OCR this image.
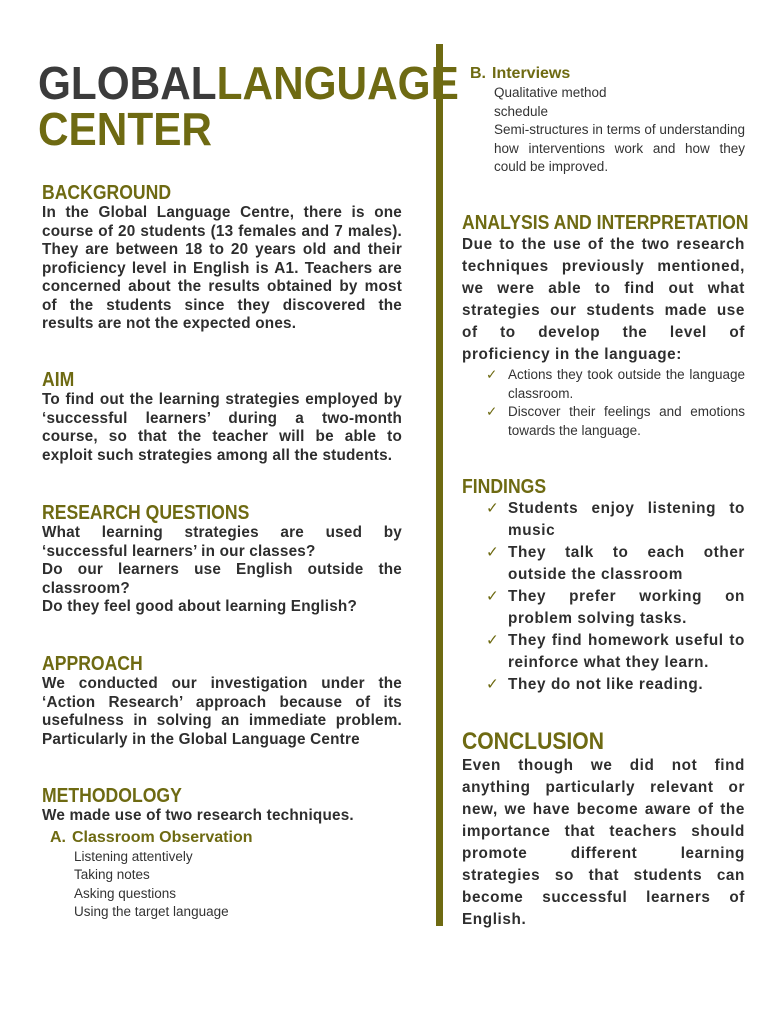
GLOBALLANGUAGE
CENTER
BACKGROUND

In the Global Language Centre, there is one course of 20 students (13 females and 7 males). They are between 18 to 20 years old and their proficiency level in English is A1. Teachers are concerned about the results obtained by most of the students since they discovered the results are not the expected ones.

AIM

To find out the learning strategies employed by ‘successful learners’ during a two-month course, so that the teacher will be able to exploit such strategies among all the students.

RESEARCH QUESTIONS

What learning strategies are used by ‘successful learners’ in our classes?

Do our learners use English outside the classroom?

Do they feel good about learning English?

APPROACH

We conducted our investigation under the ‘Action Research’ approach because of its usefulness in solving an immediate problem. Particularly in the Global Language Centre

METHODOLOGY

We made use of two research techniques.

A. Classroom Observation

Listening attentively

Taking notes

Asking questions

Using the target language

B. Interviews

Qualitative method

schedule

Semi-structures in terms of understanding how interventions work and how they could be improved.

ANALYSIS AND INTERPRETATION

Due to the use of the two research techniques previously mentioned, we were able to find out what strategies our students made use of to develop the level of proficiency in the language:

✓ Actions they took outside the language classroom.
✓ Discover their feelings and emotions towards the language.
FINDINGS
✓ Students enjoy listening to music
✓ They talk to each other outside the classroom
✓ They prefer working on problem solving tasks.
✓ They find homework useful to reinforce what they learn.
✓ They do not like reading.
CONCLUSION

Even though we did not find anything particularly relevant or new, we have become aware of the importance that teachers should promote different learning strategies so that students can become successful learners of English.
